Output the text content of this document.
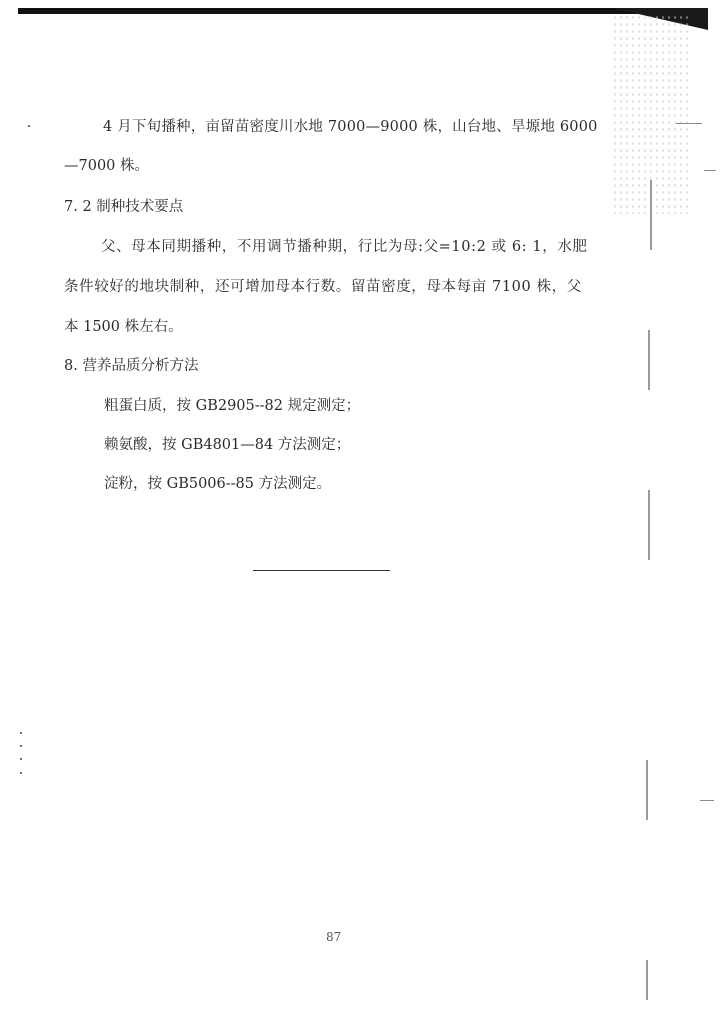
4 月下旬播种，亩留苗密度川水地 7000—9000 株，山台地、旱塬地 6000
—7000 株。
7. 2 制种技术要点
父、母本同期播种，不用调节播种期，行比为母:父=10:2 或 6: 1，水肥
条件较好的地块制种，还可增加母本行数。留苗密度，母本每亩 7100 株，父
本 1500 株左右。
8. 营养品质分析方法
粗蛋白质，按 GB2905--82 规定测定；
赖氨酸，按 GB4801—84 方法测定；
淀粉，按 GB5006--85 方法测定。
87
